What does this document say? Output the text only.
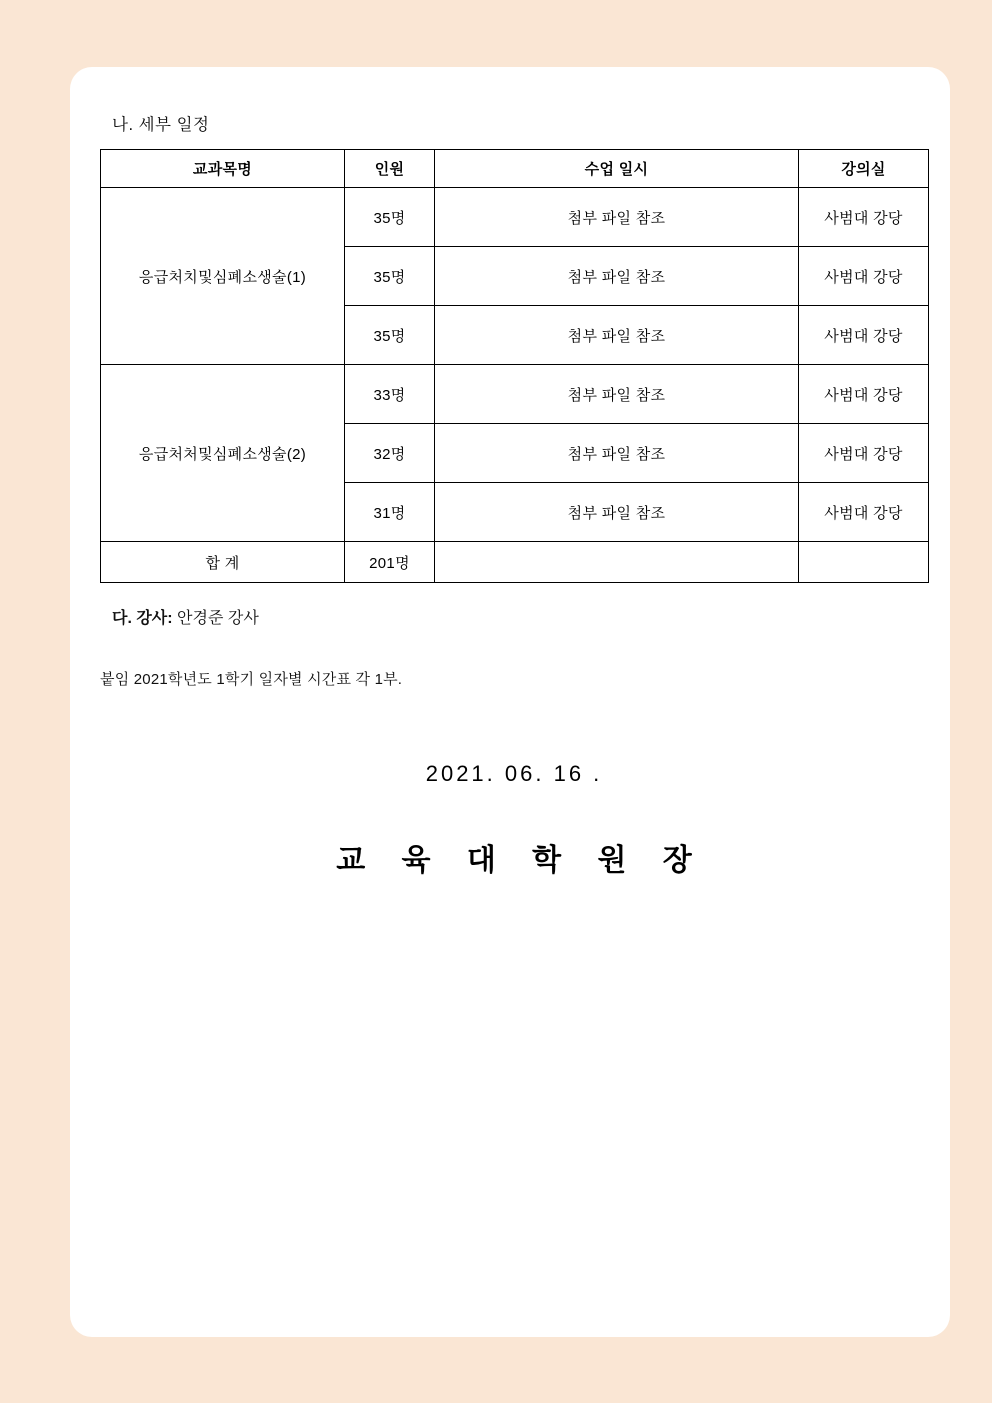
나. 세부 일정
교과목명	인원	수업 일시	강의실
응급처치및심폐소생술(1)	35명	첨부 파일 참조	사범대 강당
	35명	첨부 파일 참조	사범대 강당
	35명	첨부 파일 참조	사범대 강당
응급처처및심폐소생술(2)	33명	첨부 파일 참조	사범대 강당
	32명	첨부 파일 참조	사범대 강당
	31명	첨부 파일 참조	사범대 강당
합 계	201명		
다. 강사: 안경준 강사
붙임 2021학년도 1학기 일자별 시간표 각 1부.
2021. 06. 16 .
교 육 대 학 원 장
